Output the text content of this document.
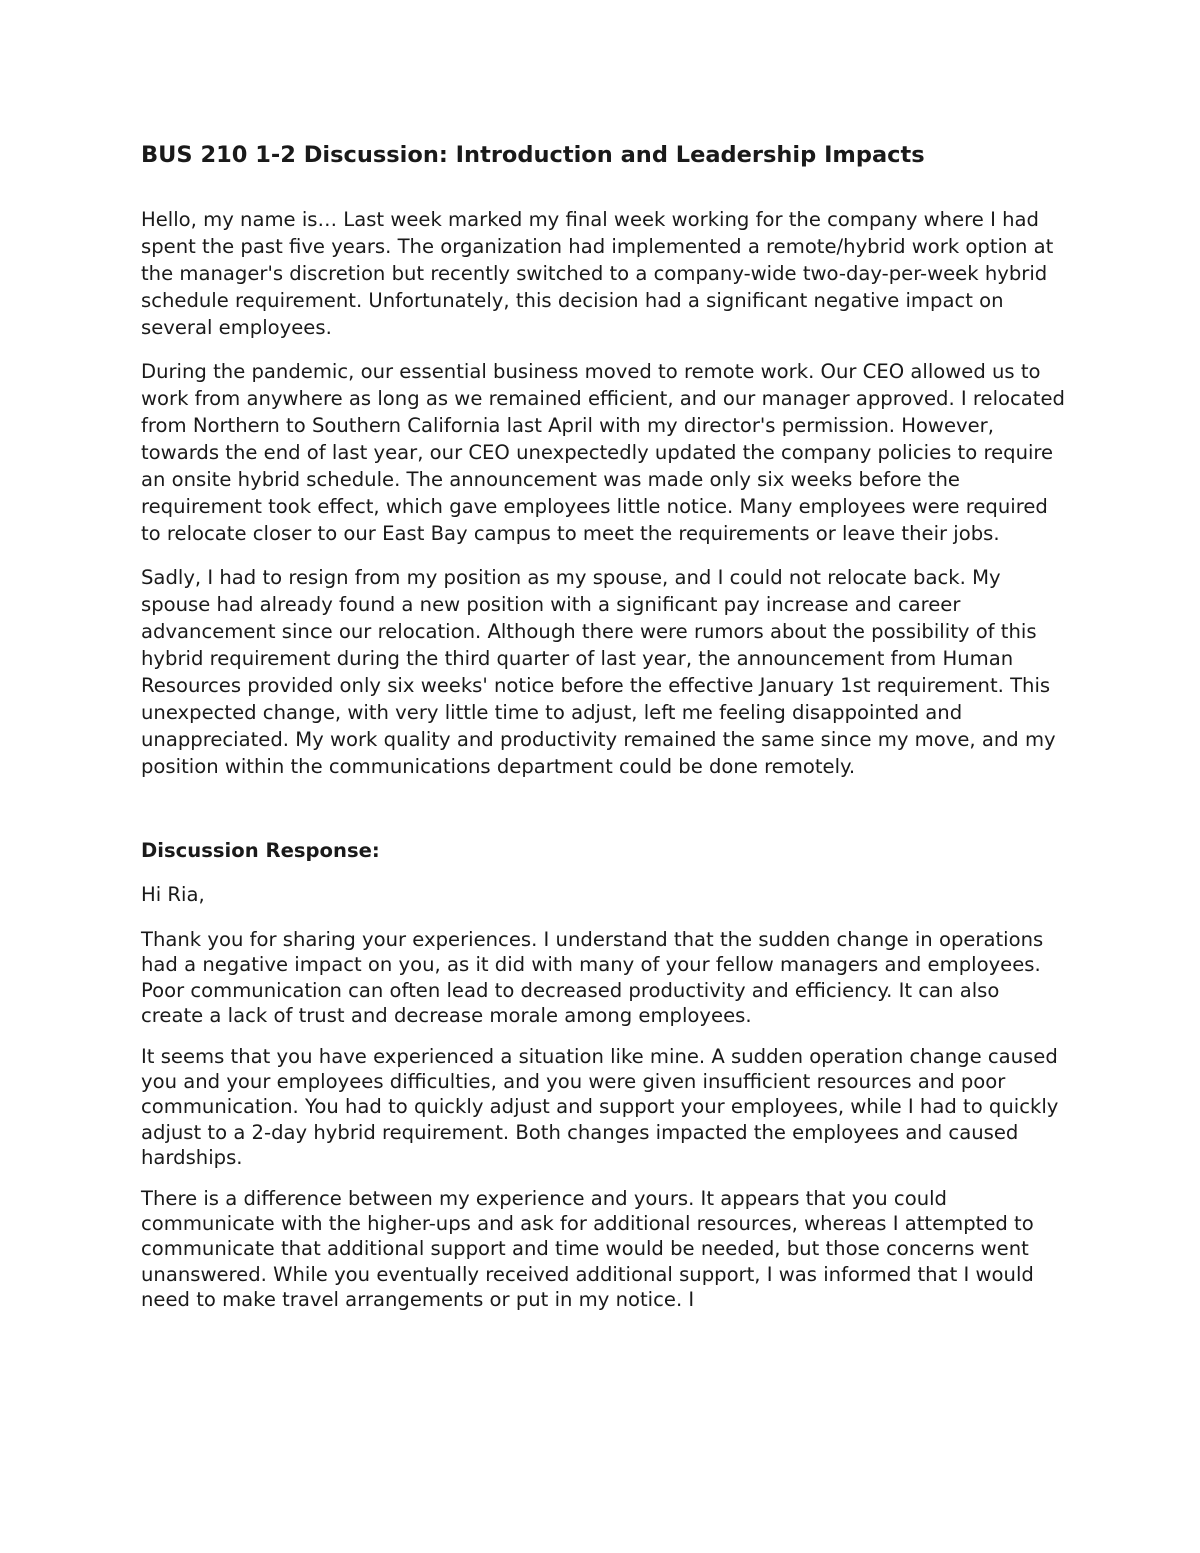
BUS 210 1-2 Discussion: Introduction and Leadership Impacts

Hello, my name is… Last week marked my final week working for the company where I had spent the past five years. The organization had implemented a remote/hybrid work option at the manager's discretion but recently switched to a company-wide two-day-per-week hybrid schedule requirement. Unfortunately, this decision had a significant negative impact on several employees.

During the pandemic, our essential business moved to remote work. Our CEO allowed us to work from anywhere as long as we remained efficient, and our manager approved. I relocated from Northern to Southern California last April with my director's permission. However, towards the end of last year, our CEO unexpectedly updated the company policies to require an onsite hybrid schedule. The announcement was made only six weeks before the requirement took effect, which gave employees little notice. Many employees were required to relocate closer to our East Bay campus to meet the requirements or leave their jobs.

Sadly, I had to resign from my position as my spouse, and I could not relocate back. My spouse had already found a new position with a significant pay increase and career advancement since our relocation. Although there were rumors about the possibility of this hybrid requirement during the third quarter of last year, the announcement from Human Resources provided only six weeks' notice before the effective January 1st requirement. This unexpected change, with very little time to adjust, left me feeling disappointed and unappreciated. My work quality and productivity remained the same since my move, and my position within the communications department could be done remotely.

Discussion Response:

Hi Ria,

Thank you for sharing your experiences. I understand that the sudden change in operations had a negative impact on you, as it did with many of your fellow managers and employees. Poor communication can often lead to decreased productivity and efficiency. It can also create a lack of trust and decrease morale among employees.

It seems that you have experienced a situation like mine. A sudden operation change caused you and your employees difficulties, and you were given insufficient resources and poor communication. You had to quickly adjust and support your employees, while I had to quickly adjust to a 2-day hybrid requirement. Both changes impacted the employees and caused hardships.

There is a difference between my experience and yours. It appears that you could communicate with the higher-ups and ask for additional resources, whereas I attempted to communicate that additional support and time would be needed, but those concerns went unanswered. While you eventually received additional support, I was informed that I would need to make travel arrangements or put in my notice. I
